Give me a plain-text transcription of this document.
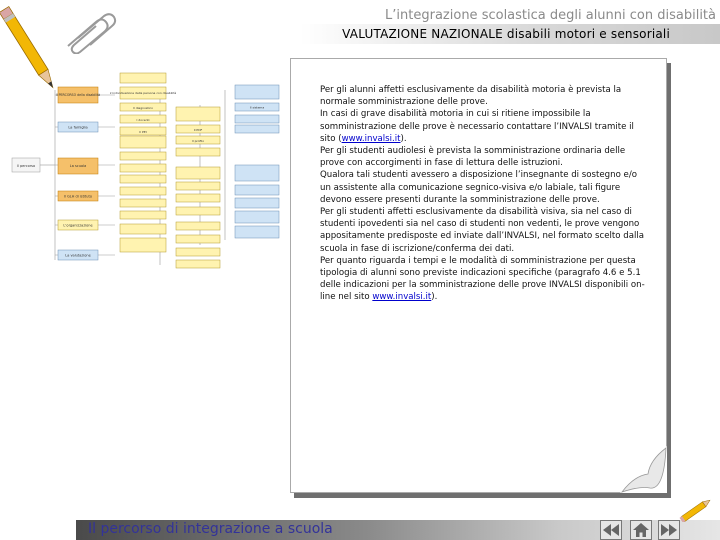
L’integrazione scolastica degli alunni con disabilità
VALUTAZIONE NAZIONALE disabili motori e sensoriali
Il percorso
Il PERCORSO della disabilità
La famiglia
La scuola
Il GLH di istituto
L’organizzazione
La valutazione
L’individuazione della persona con disabilità
Il diagnostico
I docenti
Il PEI	Il PDF
Il profilo
Il sistema

Per gli alunni affetti esclusivamente da disabilità motoria è prevista la normale somministrazione delle prove.

In casi di grave disabilità motoria in cui si ritiene impossibile la somministrazione delle prove è necessario contattare l’INVALSI tramite il sito (www.invalsi.it).

Per gli studenti audiolesi è prevista la somministrazione ordinaria delle prove con accorgimenti in fase di lettura delle istruzioni.

Qualora tali studenti avessero a disposizione l’insegnante di sostegno e/o un assistente alla comunicazione segnico-visiva e/o labiale, tali figure devono essere presenti durante la somministrazione delle prove.

Per gli studenti affetti esclusivamente da disabilità visiva, sia nel caso di studenti ipovedenti sia nel caso di studenti non vedenti, le prove vengono appositamente predisposte ed inviate dall’INVALSI, nel formato scelto dalla scuola in fase di iscrizione/conferma dei dati.

Per quanto riguarda i tempi e le modalità di somministrazione per questa tipologia di alunni sono previste indicazioni specifiche (paragrafo 4.6 e 5.1 delle indicazioni per la somministrazione delle prove INVALSI disponibili on-line nel sito www.invalsi.it).

Il percorso di integrazione a scuola
